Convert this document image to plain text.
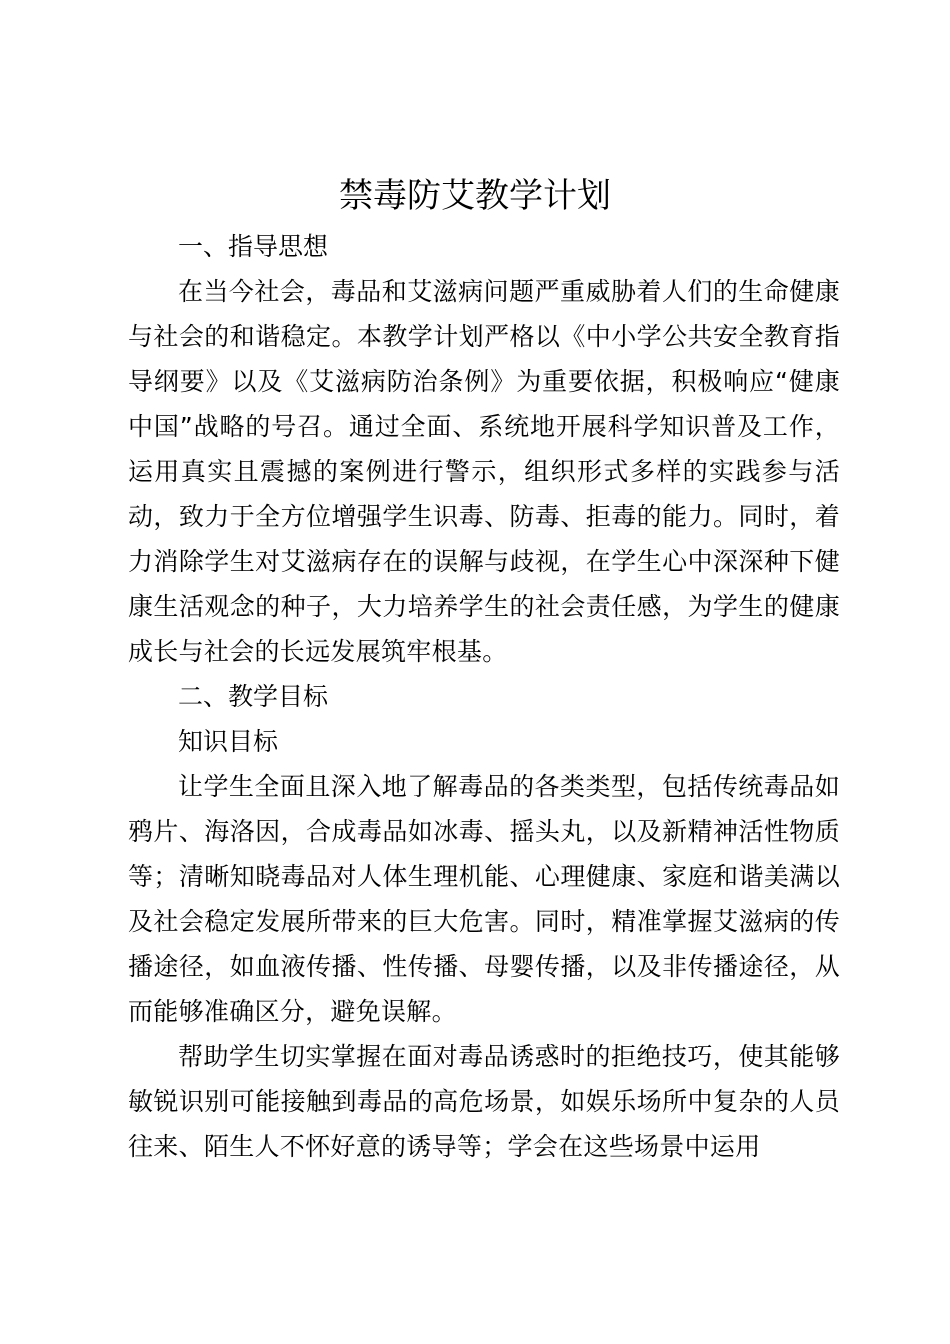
禁毒防艾教学计划

一、指导思想

在当今社会，毒品和艾滋病问题严重威胁着人们的生命健康与社会的和谐稳定。本教学计划严格以《中小学公共安全教育指导纲要》以及《艾滋病防治条例》为重要依据，积极响应“健康中国”战略的号召。通过全面、系统地开展科学知识普及工作，运用真实且震撼的案例进行警示，组织形式多样的实践参与活动，致力于全方位增强学生识毒、防毒、拒毒的能力。同时，着力消除学生对艾滋病存在的误解与歧视，在学生心中深深种下健康生活观念的种子，大力培养学生的社会责任感，为学生的健康成长与社会的长远发展筑牢根基。

二、教学目标

知识目标

让学生全面且深入地了解毒品的各类类型，包括传统毒品如鸦片、海洛因，合成毒品如冰毒、摇头丸，以及新精神活性物质等；清晰知晓毒品对人体生理机能、心理健康、家庭和谐美满以及社会稳定发展所带来的巨大危害。同时，精准掌握艾滋病的传播途径，如血液传播、性传播、母婴传播，以及非传播途径，从而能够准确区分，避免误解。

帮助学生切实掌握在面对毒品诱惑时的拒绝技巧，使其能够敏锐识别可能接触到毒品的高危场景，如娱乐场所中复杂的人员往来、陌生人不怀好意的诱导等；学会在这些场景中运用
